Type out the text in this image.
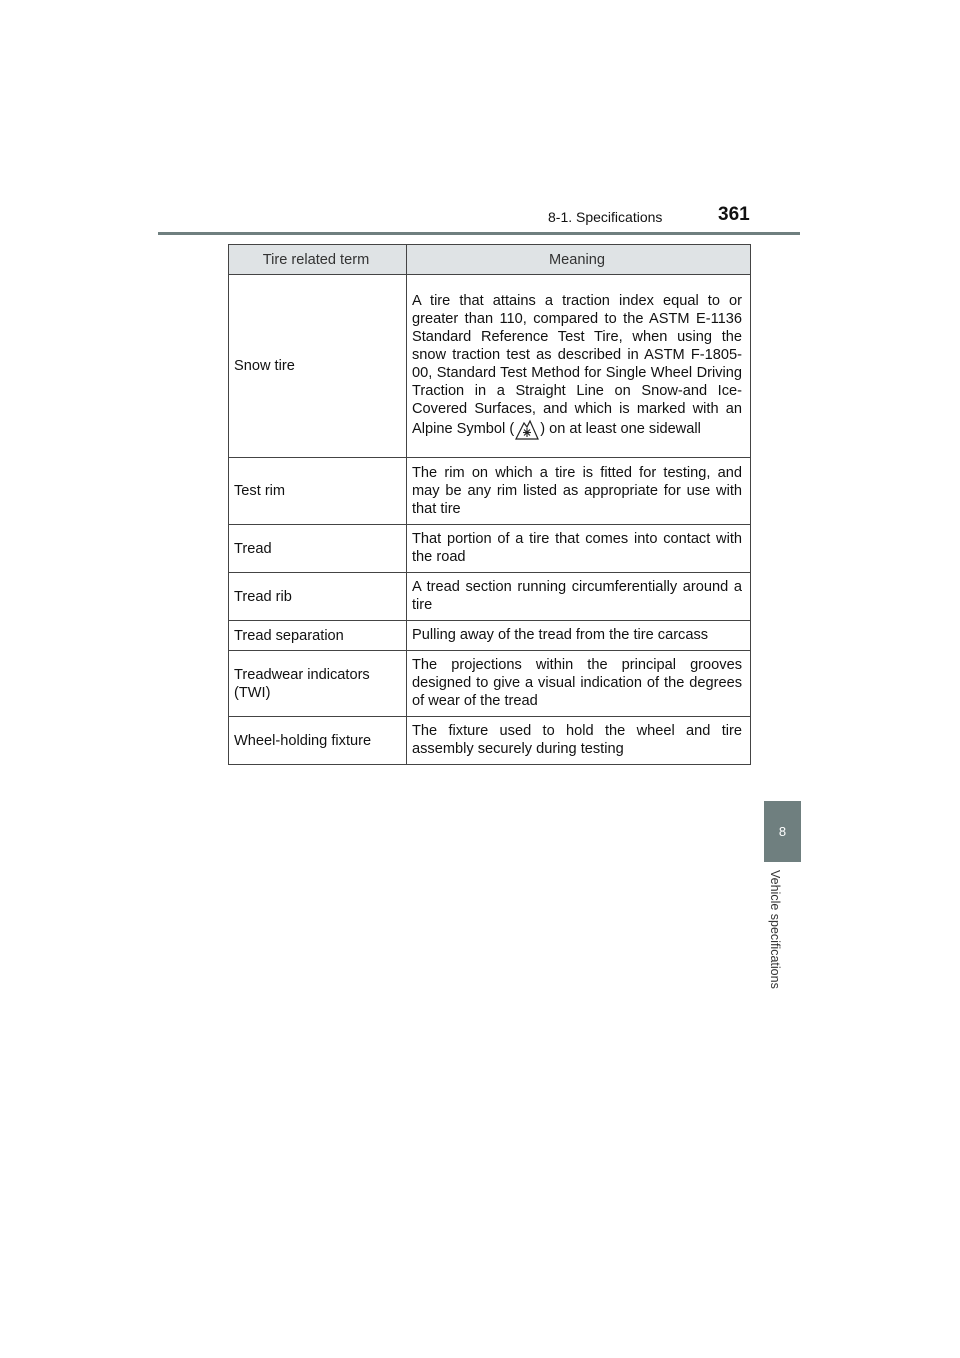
8-1. Specifications	361
8
Vehicle specifications
Tire related term	Meaning
Snow tire	A tire that attains a traction index equal to or greater than 110, compared to the ASTM E-1136 Standard Reference Test Tire, when using the snow traction test as described in ASTM F-1805-00, Standard Test Method for Single Wheel Driving Traction in a Straight Line on Snow-and Ice-Covered Surfaces, and which is marked with an Alpine Symbol ( ) on at least one sidewall
Test rim	The rim on which a tire is fitted for testing, and may be any rim listed as appropriate for use with that tire
Tread	That portion of a tire that comes into contact with the road
Tread rib	A tread section running circumferentially around a tire
Tread separation	Pulling away of the tread from the tire carcass
Treadwear indicators (TWI)	The projections within the principal grooves designed to give a visual indication of the degrees of wear of the tread
Wheel-holding fixture	The fixture used to hold the wheel and tire assembly securely during testing
